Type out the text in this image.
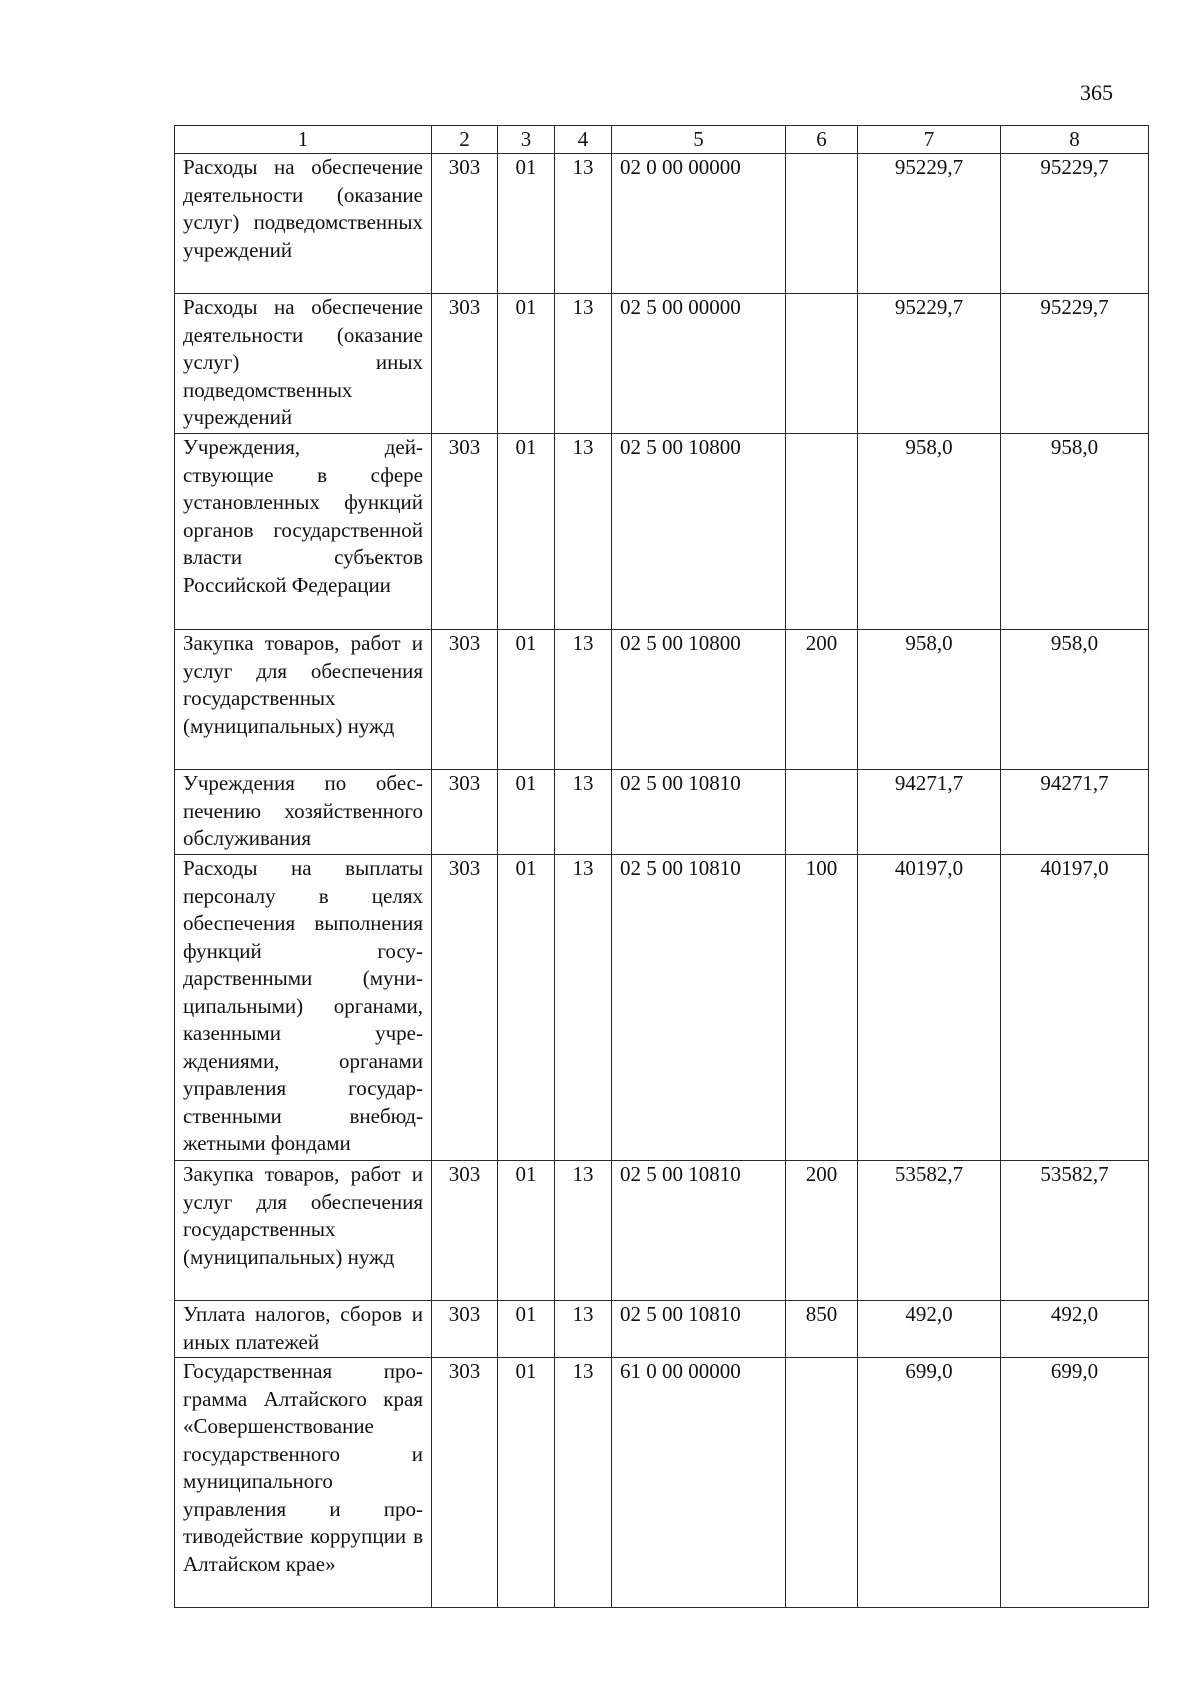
365
1	2	3	4	5	6	7	8
Расходы на обеспечение деятельности (оказание услуг) подведомственных учреждений	303	01	13	02 0 00 00000		95229,7	95229,7
Расходы на обеспечение деятельности (оказание услуг) иных подведомственных учреждений	303	01	13	02 5 00 00000		95229,7	95229,7
Учреждения, действующие в сфере установленных функций органов государственной власти субъектов Российской Федерации	303	01	13	02 5 00 10800		958,0	958,0
Закупка товаров, работ и услуг для обеспечения государственных (муниципальных) нужд	303	01	13	02 5 00 10800	200	958,0	958,0
Учреждения по обеспечению хозяйственного обслуживания	303	01	13	02 5 00 10810		94271,7	94271,7
Расходы на выплаты персоналу в целях обеспечения выполнения функций государственными (муниципальными) органами, казенными учреждениями, органами управления государственными внебюджетными фондами	303	01	13	02 5 00 10810	100	40197,0	40197,0
Закупка товаров, работ и услуг для обеспечения государственных (муниципальных) нужд	303	01	13	02 5 00 10810	200	53582,7	53582,7
Уплата налогов, сборов и иных платежей	303	01	13	02 5 00 10810	850	492,0	492,0
Государственная программа Алтайского края «Совершенствование государственного и муниципального управления и противодействие коррупции в Алтайском крае»	303	01	13	61 0 00 00000		699,0	699,0
